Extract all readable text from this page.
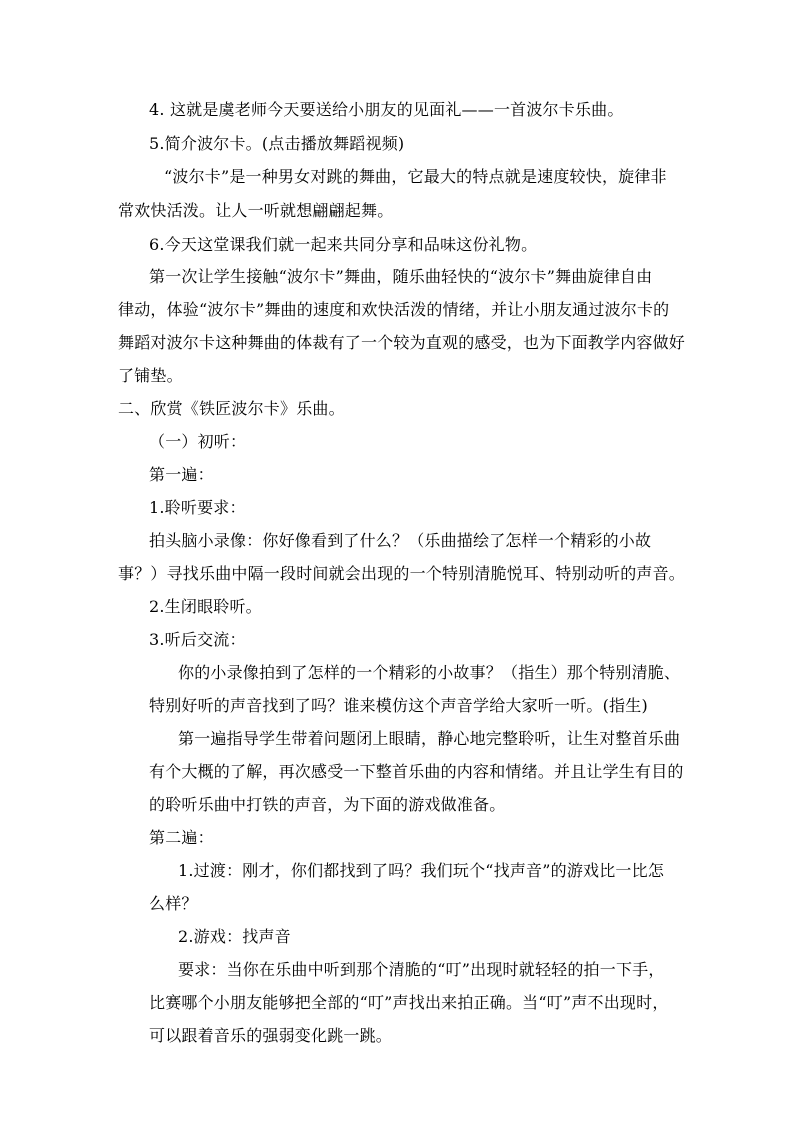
4. 这就是虞老师今天要送给小朋友的见面礼——一首波尔卡乐曲。
5.简介波尔卡。(点击播放舞蹈视频)
“波尔卡”是一种男女对跳的舞曲，它最大的特点就是速度较快，旋律非
常欢快活泼。让人一听就想翩翩起舞。
6.今天这堂课我们就一起来共同分享和品味这份礼物。
第一次让学生接触“波尔卡”舞曲，随乐曲轻快的“波尔卡”舞曲旋律自由
律动，体验“波尔卡”舞曲的速度和欢快活泼的情绪，并让小朋友通过波尔卡的
舞蹈对波尔卡这种舞曲的体裁有了一个较为直观的感受，也为下面教学内容做好
了铺垫。
二、欣赏《铁匠波尔卡》乐曲。
（一）初听：
第一遍：
1.聆听要求：
拍头脑小录像：你好像看到了什么？（乐曲描绘了怎样一个精彩的小故
事？）寻找乐曲中隔一段时间就会出现的一个特别清脆悦耳、特别动听的声音。
2.生闭眼聆听。
3.听后交流：
你的小录像拍到了怎样的一个精彩的小故事？（指生）那个特别清脆、
特别好听的声音找到了吗？谁来模仿这个声音学给大家听一听。(指生)
第一遍指导学生带着问题闭上眼睛，静心地完整聆听，让生对整首乐曲
有个大概的了解，再次感受一下整首乐曲的内容和情绪。并且让学生有目的
的聆听乐曲中打铁的声音，为下面的游戏做准备。
第二遍：
1.过渡：刚才，你们都找到了吗？我们玩个“找声音”的游戏比一比怎
么样？
2.游戏：找声音
要求：当你在乐曲中听到那个清脆的“叮”出现时就轻轻的拍一下手，
比赛哪个小朋友能够把全部的“叮”声找出来拍正确。当“叮”声不出现时，
可以跟着音乐的强弱变化跳一跳。
